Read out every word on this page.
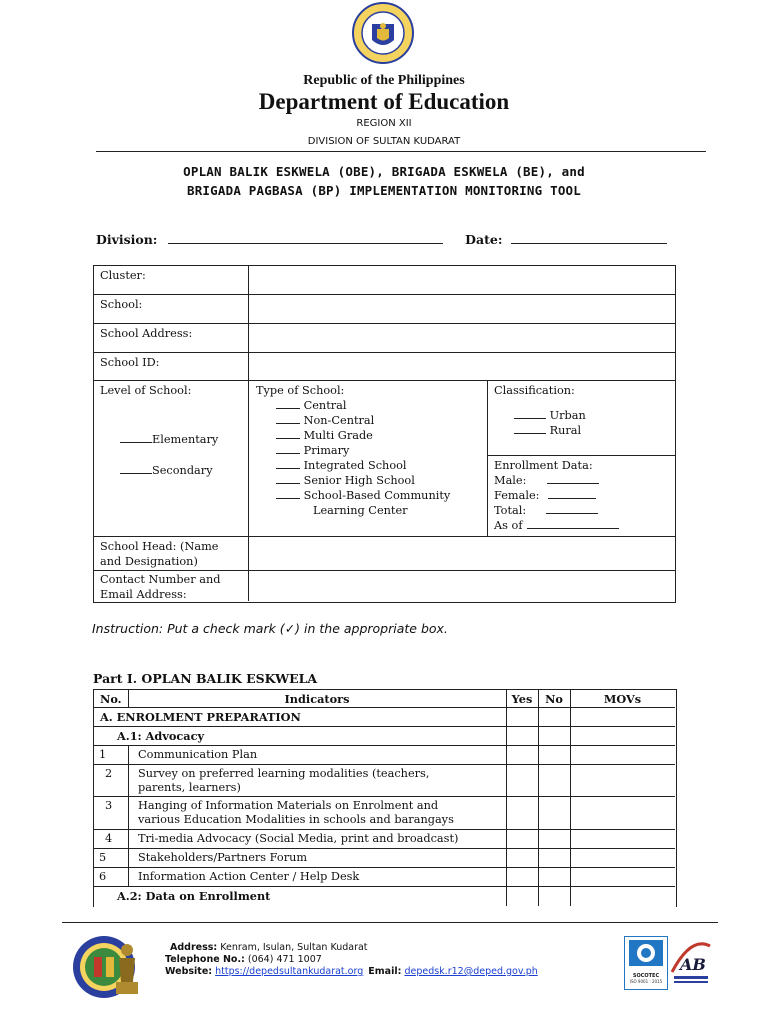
Republic of the Philippines
Department of Education
REGION XII
DIVISION OF SULTAN KUDARAT
OPLAN BALIK ESKWELA (OBE), BRIGADA ESKWELA (BE), and
BRIGADA PAGBASA (BP) IMPLEMENTATION MONITORING TOOL
Division:	Date:
Cluster:
School:
School Address:
School ID:
Level of School:
Elementary
Secondary
Type of School:
Central
Non-Central
Multi Grade
Primary
Integrated School
Senior High School
School-Based Community
Learning Center
Classification:
Urban
Rural
Enrollment Data:
Male:
Female:
Total:
As of
School Head: (Name
and Designation)
Contact Number and
Email Address:
Instruction: Put a check mark (✓) in the appropriate box.
Part I. OPLAN BALIK ESKWELA
No.	Indicators	Yes	No	MOVs
A. ENROLMENT PREPARATION
A.1: Advocacy
1	Communication Plan
2 Survey on preferred learning modalities (teachers,
parents, learners)
3 Hanging of Information Materials on Enrolment and
various Education Modalities in schools and barangays
4 Tri-media Advocacy (Social Media, print and broadcast)
5	Stakeholders/Partners Forum
6	Information Action Center / Help Desk
A.2: Data on Enrollment
Address: Kenram, Isulan, Sultan Kudarat
Telephone No.: (064) 471 1007
Website: https://depedsultankudarat.org Email: depedsk.r12@deped.gov.ph	SOCOTEC
ISO 9001 : 2015
AB
